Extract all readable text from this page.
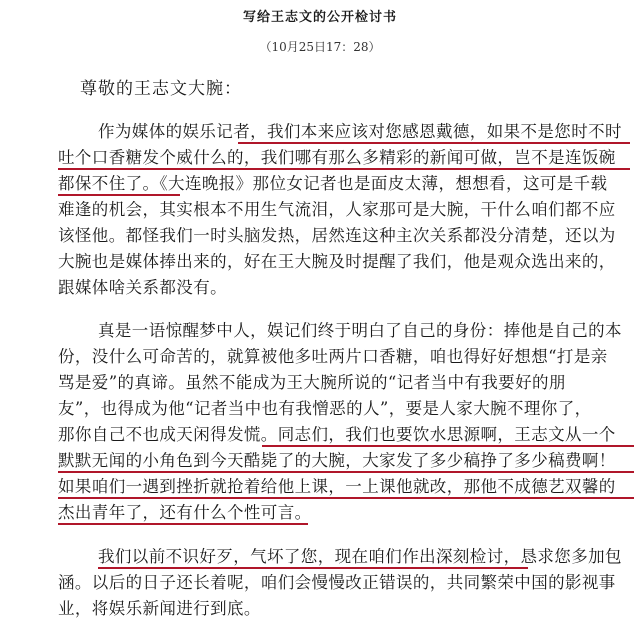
写给王志文的公开检讨书
（10月25日17：28）
尊敬的王志文大腕：
作为媒体的娱乐记者，我们本来应该对您感恩戴德，如果不是您时不时
吐个口香糖发个威什么的，我们哪有那么多精彩的新闻可做，岂不是连饭碗
都保不住了。《大连晚报》那位女记者也是面皮太薄，想想看，这可是千载
难逢的机会，其实根本不用生气流泪，人家那可是大腕，干什么咱们都不应
该怪他。都怪我们一时头脑发热，居然连这种主次关系都没分清楚，还以为
大腕也是媒体捧出来的，好在王大腕及时提醒了我们，他是观众选出来的，
跟媒体啥关系都没有。
真是一语惊醒梦中人，娱记们终于明白了自己的身份：捧他是自己的本
份，没什么可命苦的，就算被他多吐两片口香糖，咱也得好好想想“打是亲
骂是爱”的真谛。虽然不能成为王大腕所说的“记者当中有我要好的朋
友”，也得成为他“记者当中也有我憎恶的人”，要是人家大腕不理你了，
那你自己不也成天闲得发慌。同志们，我们也要饮水思源啊，王志文从一个
默默无闻的小角色到今天酷毙了的大腕，大家发了多少稿挣了多少稿费啊！
如果咱们一遇到挫折就抢着给他上课，一上课他就改，那他不成德艺双馨的
杰出青年了，还有什么个性可言。
我们以前不识好歹，气坏了您，现在咱们作出深刻检讨，恳求您多加包
涵。以后的日子还长着呢，咱们会慢慢改正错误的，共同繁荣中国的影视事
业，将娱乐新闻进行到底。
